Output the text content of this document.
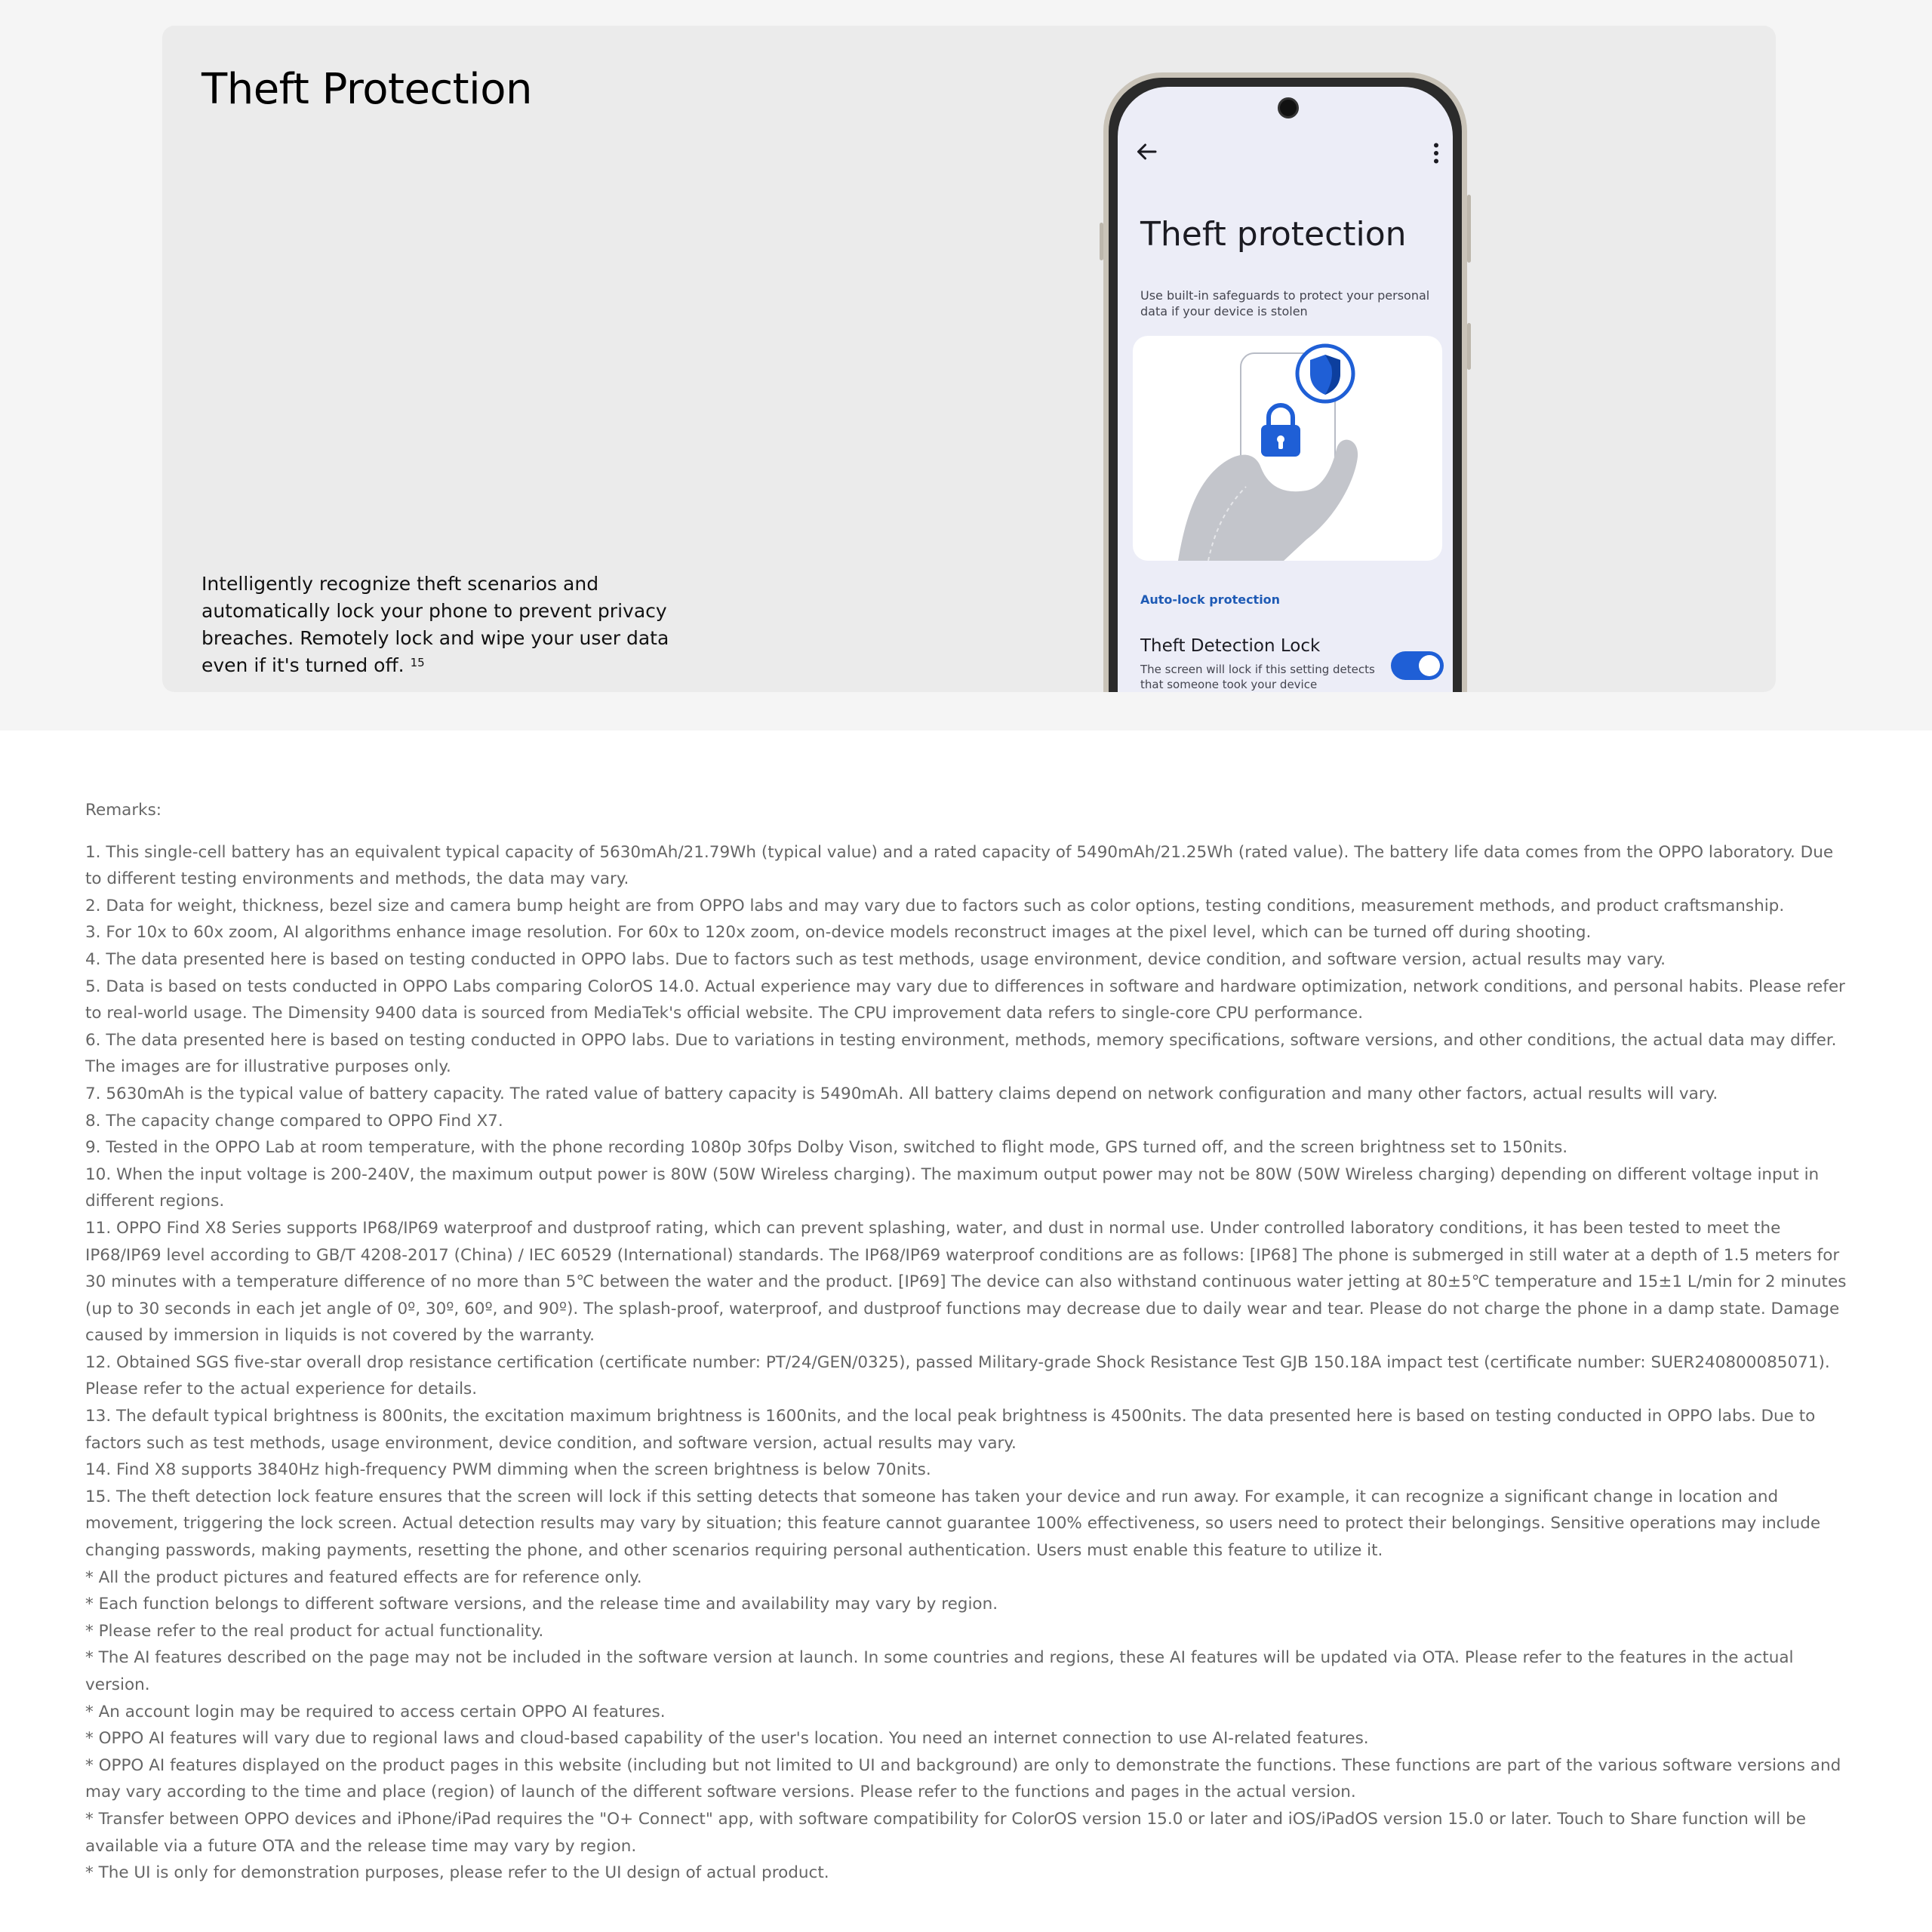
Theft Protection

Intelligently recognize theft scenarios and automatically lock your phone to prevent privacy breaches. Remotely lock and wipe your user data even if it's turned off. $^{15}$

Theft protection
Use built-in safeguards to protect your personal data if your device is stolen
Auto-lock protection
Theft Detection Lock
The screen will lock if this setting detects that someone took your device
Remarks:
1. This single-cell battery has an equivalent typical capacity of 5630mAh/21.79Wh (typical value) and a rated capacity of 5490mAh/21.25Wh (rated value). The battery life data comes from the OPPO laboratory. Due to different testing environments and methods, the data may vary.
2. Data for weight, thickness, bezel size and camera bump height are from OPPO labs and may vary due to factors such as color options, testing conditions, measurement methods, and product craftsmanship.
3. For 10x to 60x zoom, AI algorithms enhance image resolution. For 60x to 120x zoom, on-device models reconstruct images at the pixel level, which can be turned off during shooting.
4. The data presented here is based on testing conducted in OPPO labs. Due to factors such as test methods, usage environment, device condition, and software version, actual results may vary.
5. Data is based on tests conducted in OPPO Labs comparing ColorOS 14.0. Actual experience may vary due to differences in software and hardware optimization, network conditions, and personal habits. Please refer to real-world usage. The Dimensity 9400 data is sourced from MediaTek's official website. The CPU improvement data refers to single-core CPU performance.
6. The data presented here is based on testing conducted in OPPO labs. Due to variations in testing environment, methods, memory specifications, software versions, and other conditions, the actual data may differ. The images are for illustrative purposes only.
7. 5630mAh is the typical value of battery capacity. The rated value of battery capacity is 5490mAh. All battery claims depend on network configuration and many other factors, actual results will vary.
8. The capacity change compared to OPPO Find X7.
9. Tested in the OPPO Lab at room temperature, with the phone recording 1080p 30fps Dolby Vison, switched to flight mode, GPS turned off, and the screen brightness set to 150nits.
10. When the input voltage is 200-240V, the maximum output power is 80W (50W Wireless charging). The maximum output power may not be 80W (50W Wireless charging) depending on different voltage input in different regions.
11. OPPO Find X8 Series supports IP68/IP69 waterproof and dustproof rating, which can prevent splashing, water, and dust in normal use. Under controlled laboratory conditions, it has been tested to meet the IP68/IP69 level according to GB/T 4208-2017 (China) / IEC 60529 (International) standards. The IP68/IP69 waterproof conditions are as follows: [IP68] The phone is submerged in still water at a depth of 1.5 meters for 30 minutes with a temperature difference of no more than 5℃ between the water and the product. [IP69] The device can also withstand continuous water jetting at 80±5℃ temperature and 15±1 L/min for 2 minutes (up to 30 seconds in each jet angle of 0º, 30º, 60º, and 90º). The splash-proof, waterproof, and dustproof functions may decrease due to daily wear and tear. Please do not charge the phone in a damp state. Damage caused by immersion in liquids is not covered by the warranty.
12. Obtained SGS five-star overall drop resistance certification (certificate number: PT/24/GEN/0325), passed Military-grade Shock Resistance Test GJB 150.18A impact test (certificate number: SUER240800085071). Please refer to the actual experience for details.
13. The default typical brightness is 800nits, the excitation maximum brightness is 1600nits, and the local peak brightness is 4500nits. The data presented here is based on testing conducted in OPPO labs. Due to factors such as test methods, usage environment, device condition, and software version, actual results may vary.
14. Find X8 supports 3840Hz high-frequency PWM dimming when the screen brightness is below 70nits.
15. The theft detection lock feature ensures that the screen will lock if this setting detects that someone has taken your device and run away. For example, it can recognize a significant change in location and movement, triggering the lock screen. Actual detection results may vary by situation; this feature cannot guarantee 100% effectiveness, so users need to protect their belongings. Sensitive operations may include changing passwords, making payments, resetting the phone, and other scenarios requiring personal authentication. Users must enable this feature to utilize it.
* All the product pictures and featured effects are for reference only.
* Each function belongs to different software versions, and the release time and availability may vary by region.
* Please refer to the real product for actual functionality.
* The AI features described on the page may not be included in the software version at launch. In some countries and regions, these AI features will be updated via OTA. Please refer to the features in the actual version.
* An account login may be required to access certain OPPO AI features.
* OPPO AI features will vary due to regional laws and cloud-based capability of the user's location. You need an internet connection to use AI-related features.
* OPPO AI features displayed on the product pages in this website (including but not limited to UI and background) are only to demonstrate the functions. These functions are part of the various software versions and may vary according to the time and place (region) of launch of the different software versions. Please refer to the functions and pages in the actual version.
* Transfer between OPPO devices and iPhone/iPad requires the "O+ Connect" app, with software compatibility for ColorOS version 15.0 or later and iOS/iPadOS version 15.0 or later. Touch to Share function will be available via a future OTA and the release time may vary by region.
* The UI is only for demonstration purposes, please refer to the UI design of actual product.
